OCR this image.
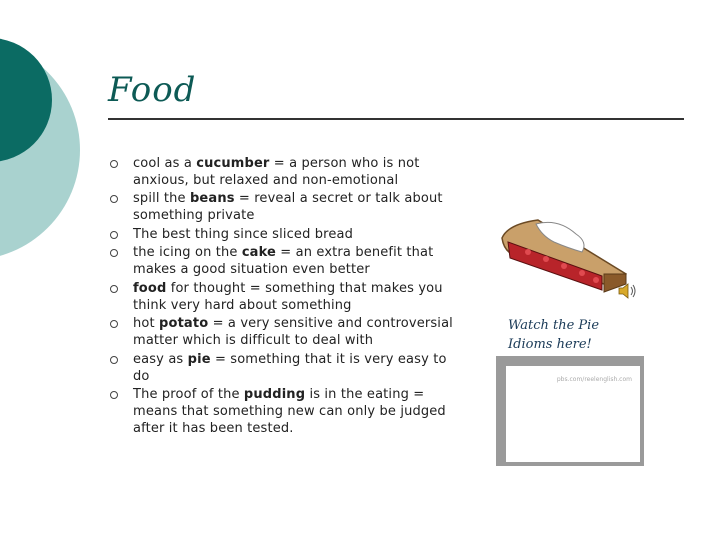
Food
cool as a cucumber = a person who is not anxious, but relaxed and non-emotional
spill the beans = reveal a secret or talk about something private
The best thing since sliced bread
the icing on the cake = an extra benefit that makes a good situation even better
food for thought = something that makes you think very hard about something
hot potato = a very sensitive and controversial matter which is difficult to deal with
easy as pie = something that it is very easy to do
The proof of the pudding is in the eating = means that something new can only be judged after it has been tested.
Watch the Pie
Idioms here!
pbs.com/reelenglish.com
